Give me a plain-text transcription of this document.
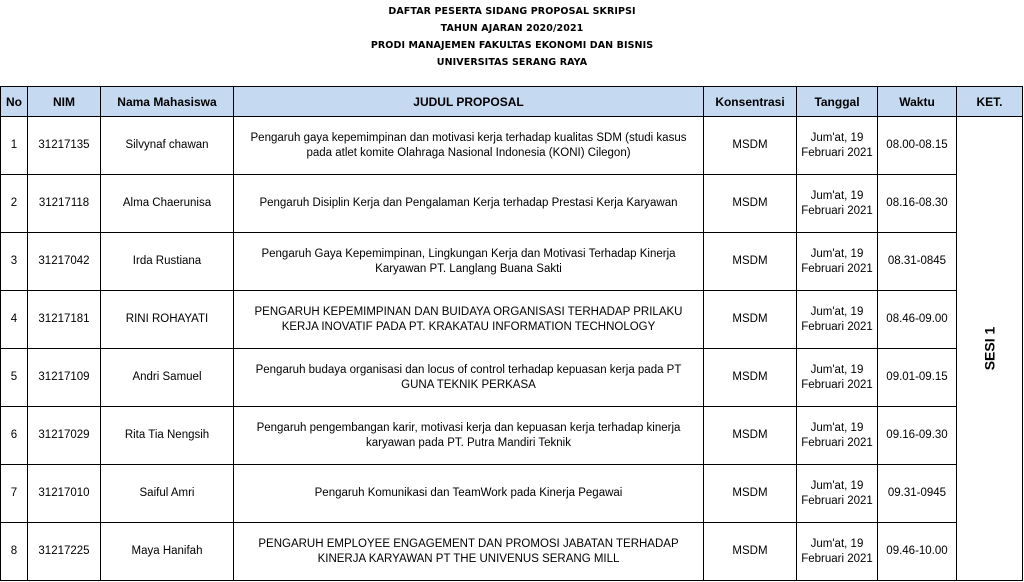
DAFTAR PESERTA SIDANG PROPOSAL SKRIPSI
TAHUN AJARAN 2020/2021
PRODI MANAJEMEN FAKULTAS EKONOMI DAN BISNIS
UNIVERSITAS SERANG RAYA
No	NIM	Nama Mahasiswa	JUDUL PROPOSAL	Konsentrasi	Tanggal	Waktu	KET.
1	31217135	Silvynaf chawan	Pengaruh gaya kepemimpinan dan motivasi kerja terhadap kualitas SDM (studi kasus pada atlet komite Olahraga Nasional Indonesia (KONI) Cilegon)	MSDM	Jum'at, 19 Februari 2021	08.00-08.15	SESI 1
2	31217118	Alma Chaerunisa	Pengaruh Disiplin Kerja dan Pengalaman Kerja terhadap Prestasi Kerja Karyawan	MSDM	Jum'at, 19 Februari 2021	08.16-08.30	
3	31217042	Irda Rustiana	Pengaruh Gaya Kepemimpinan, Lingkungan Kerja dan Motivasi Terhadap Kinerja Karyawan PT. Langlang Buana Sakti	MSDM	Jum'at, 19 Februari 2021	08.31-0845	
4	31217181	RINI ROHAYATI	PENGARUH KEPEMIMPINAN DAN BUIDAYA ORGANISASI TERHADAP PRILAKU KERJA INOVATIF PADA PT. KRAKATAU INFORMATION TECHNOLOGY	MSDM	Jum'at, 19 Februari 2021	08.46-09.00	
5	31217109	Andri Samuel	Pengaruh budaya organisasi dan locus of control terhadap kepuasan kerja pada PT GUNA TEKNIK PERKASA	MSDM	Jum'at, 19 Februari 2021	09.01-09.15	
6	31217029	Rita Tia Nengsih	Pengaruh pengembangan karir, motivasi kerja dan kepuasan kerja terhadap kinerja karyawan pada PT. Putra Mandiri Teknik	MSDM	Jum'at, 19 Februari 2021	09.16-09.30	
7	31217010	Saiful Amri	Pengaruh Komunikasi dan TeamWork pada Kinerja Pegawai	MSDM	Jum'at, 19 Februari 2021	09.31-0945	
8	31217225	Maya Hanifah	PENGARUH EMPLOYEE ENGAGEMENT DAN PROMOSI JABATAN TERHADAP KINERJA KARYAWAN PT THE UNIVENUS SERANG MILL	MSDM	Jum'at, 19 Februari 2021	09.46-10.00	
